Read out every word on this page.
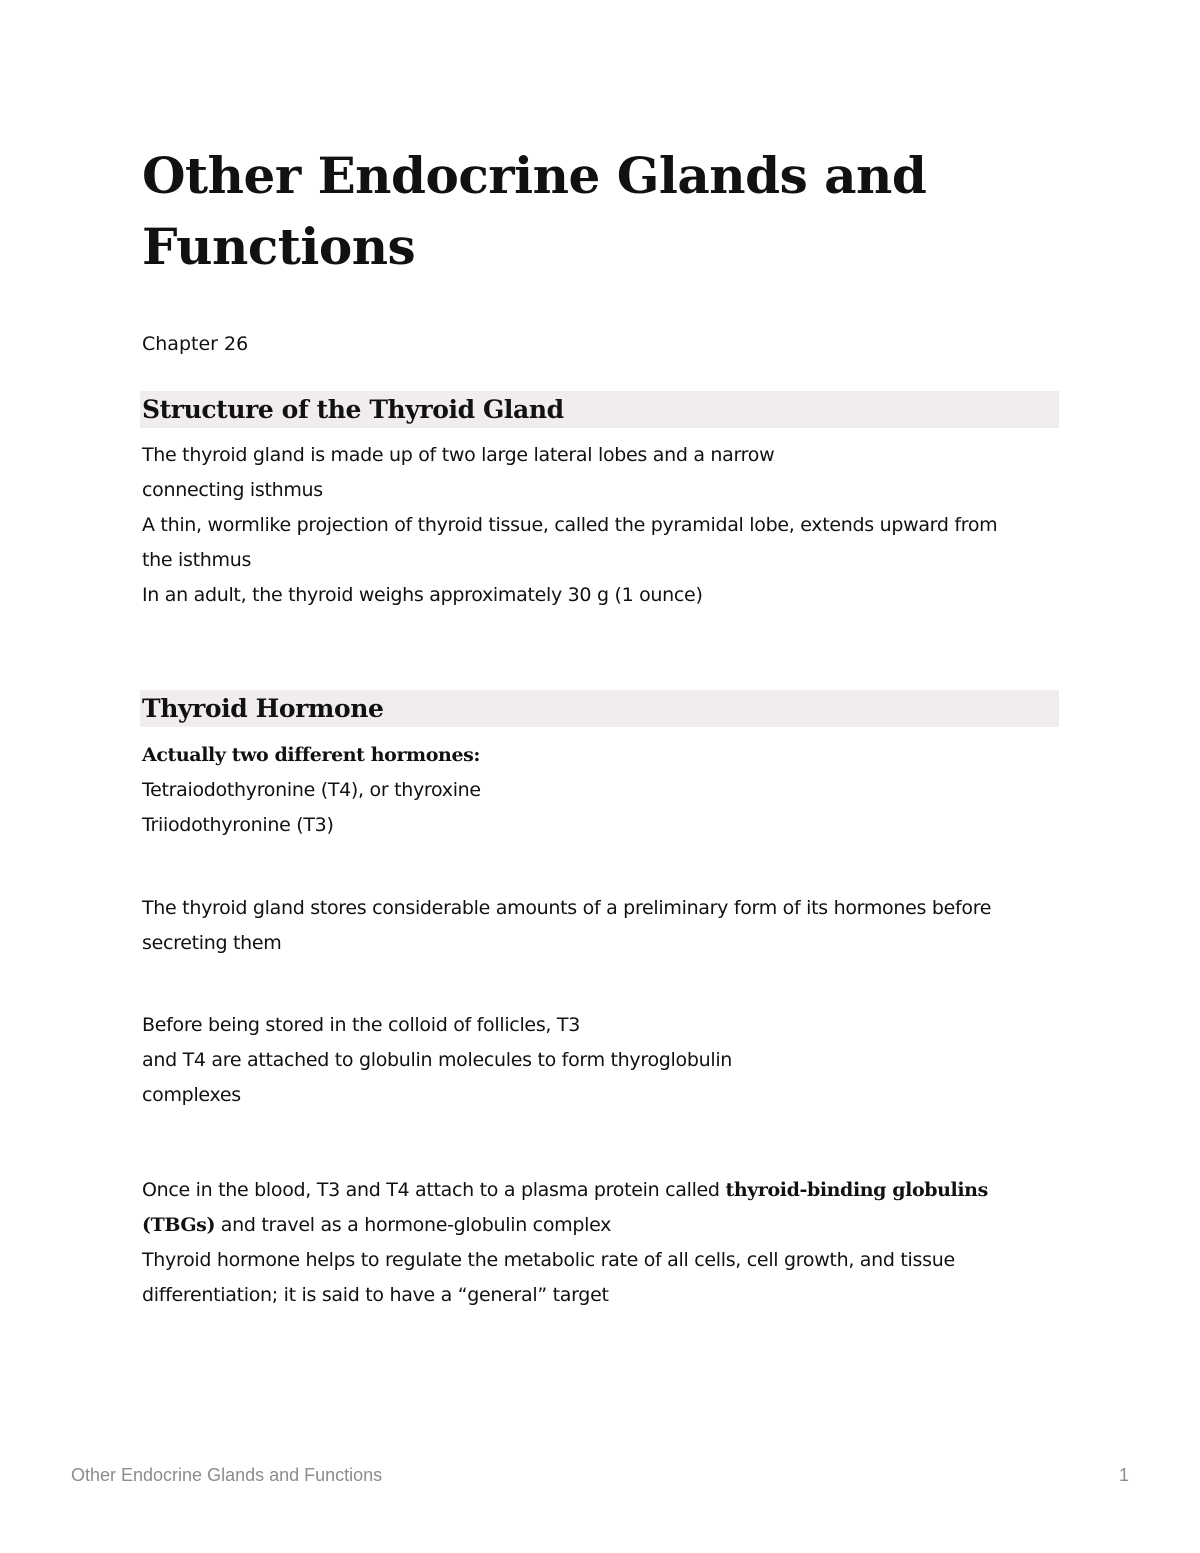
Other Endocrine Glands and Functions

Chapter 26

Structure of the Thyroid Gland

The thyroid gland is made up of two large lateral lobes and a narrow

connecting isthmus

A thin, wormlike projection of thyroid tissue, called the pyramidal lobe, extends upward from

the isthmus

In an adult, the thyroid weighs approximately 30 g (1 ounce)

Thyroid Hormone

Actually two different hormones:

Tetraiodothyronine (T4), or thyroxine

Triiodothyronine (T3)

The thyroid gland stores considerable amounts of a preliminary form of its hormones before

secreting them

Before being stored in the colloid of follicles, T3

and T4 are attached to globulin molecules to form thyroglobulin

complexes

Once in the blood, T3 and T4 attach to a plasma protein called thyroid-binding globulins

(TBGs) and travel as a hormone-globulin complex

Thyroid hormone helps to regulate the metabolic rate of all cells, cell growth, and tissue

differentiation; it is said to have a “general” target

Other Endocrine Glands and Functions	1
